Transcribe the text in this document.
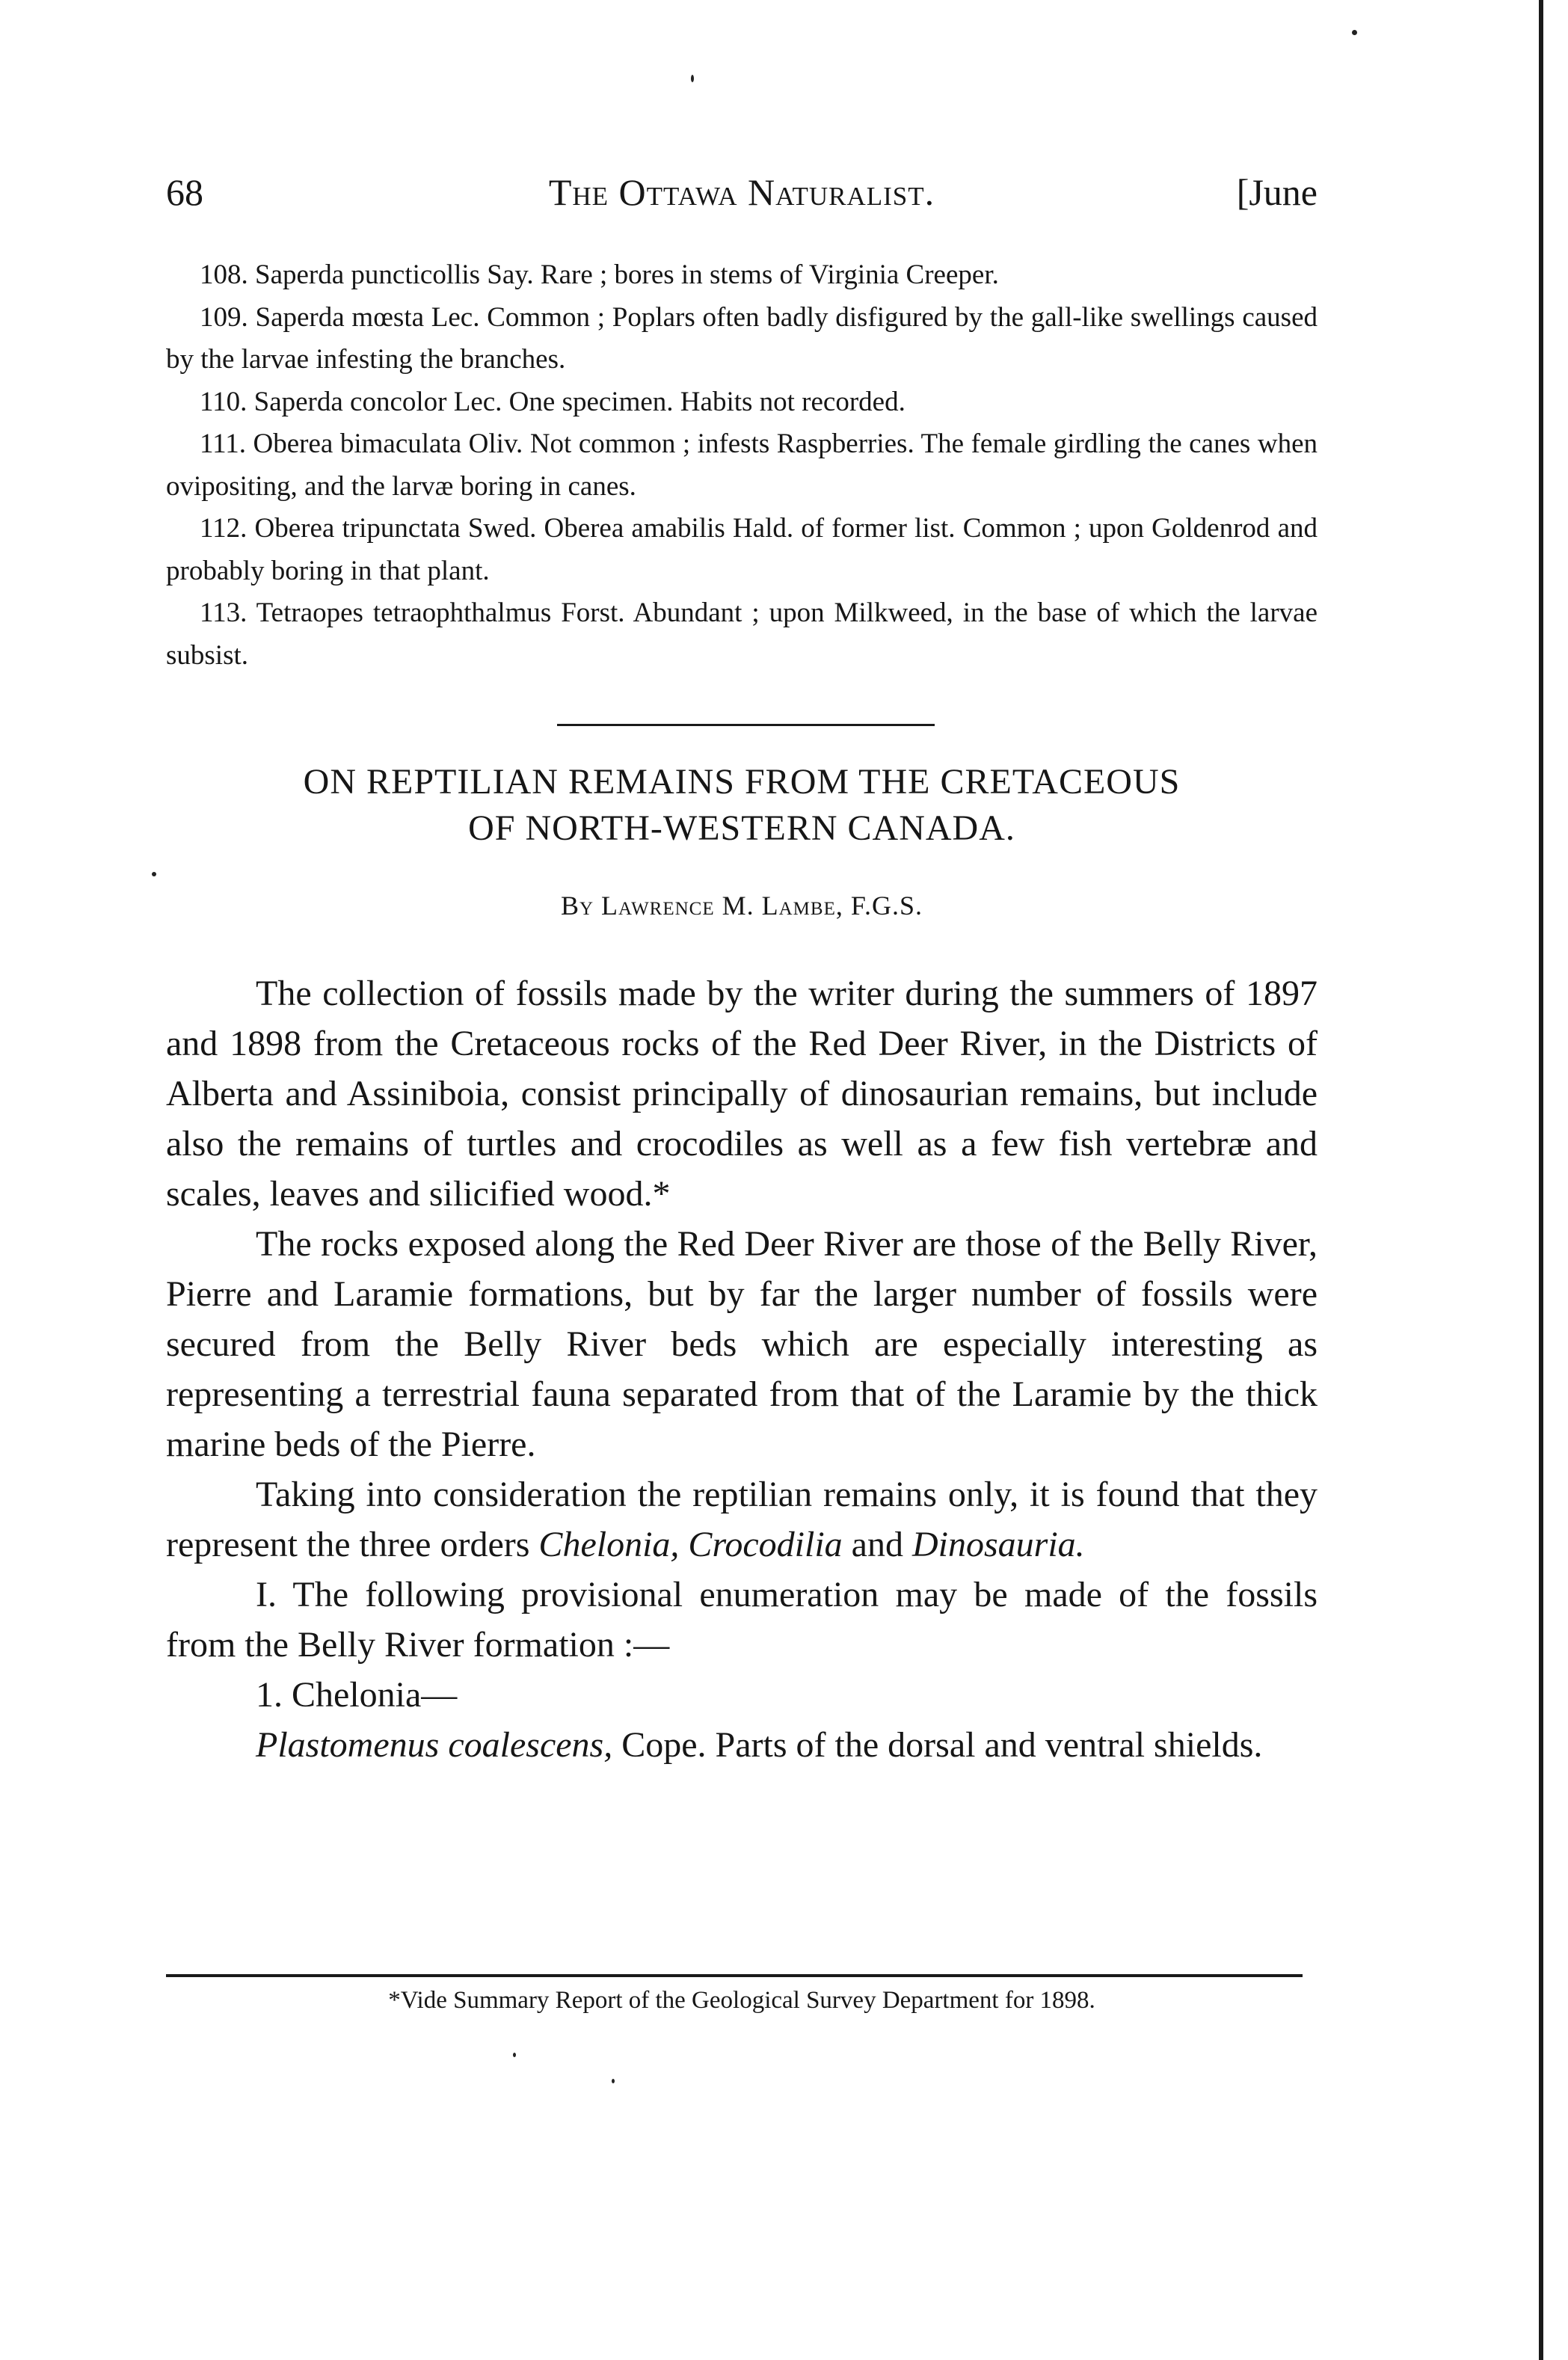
68	The Ottawa Naturalist.	[June

108. Saperda puncticollis Say. Rare ; bores in stems of Virginia Creeper.

109. Saperda mœsta Lec. Common ; Poplars often badly disfigured by the gall-like swellings caused by the larvae infesting the branches.

110. Saperda concolor Lec. One specimen. Habits not recorded.

111. Oberea bimaculata Oliv. Not common ; infests Raspberries. The female girdling the canes when ovipositing, and the larvæ boring in canes.

112. Oberea tripunctata Swed. Oberea amabilis Hald. of former list. Common ; upon Goldenrod and probably boring in that plant.

113. Tetraopes tetraophthalmus Forst. Abundant ; upon Milkweed, in the base of which the larvae subsist.

ON REPTILIAN REMAINS FROM THE CRETACEOUS
OF NORTH-WESTERN CANADA.
By Lawrence M. Lambe, F.G.S.

The collection of fossils made by the writer during the summers of 1897 and 1898 from the Cretaceous rocks of the Red Deer River, in the Districts of Alberta and Assiniboia, consist principally of dinosaurian remains, but include also the remains of turtles and crocodiles as well as a few fish vertebræ and scales, leaves and silicified wood.*

The rocks exposed along the Red Deer River are those of the Belly River, Pierre and Laramie formations, but by far the larger number of fossils were secured from the Belly River beds which are especially interesting as representing a terrestrial fauna separated from that of the Laramie by the thick marine beds of the Pierre.

Taking into consideration the reptilian remains only, it is found that they represent the three orders Chelonia, Crocodilia and Dinosauria.

I. The following provisional enumeration may be made of the fossils from the Belly River formation :—

1. Chelonia—

Plastomenus coalescens, Cope. Parts of the dorsal and ventral shields.

*Vide Summary Report of the Geological Survey Department for 1898.
